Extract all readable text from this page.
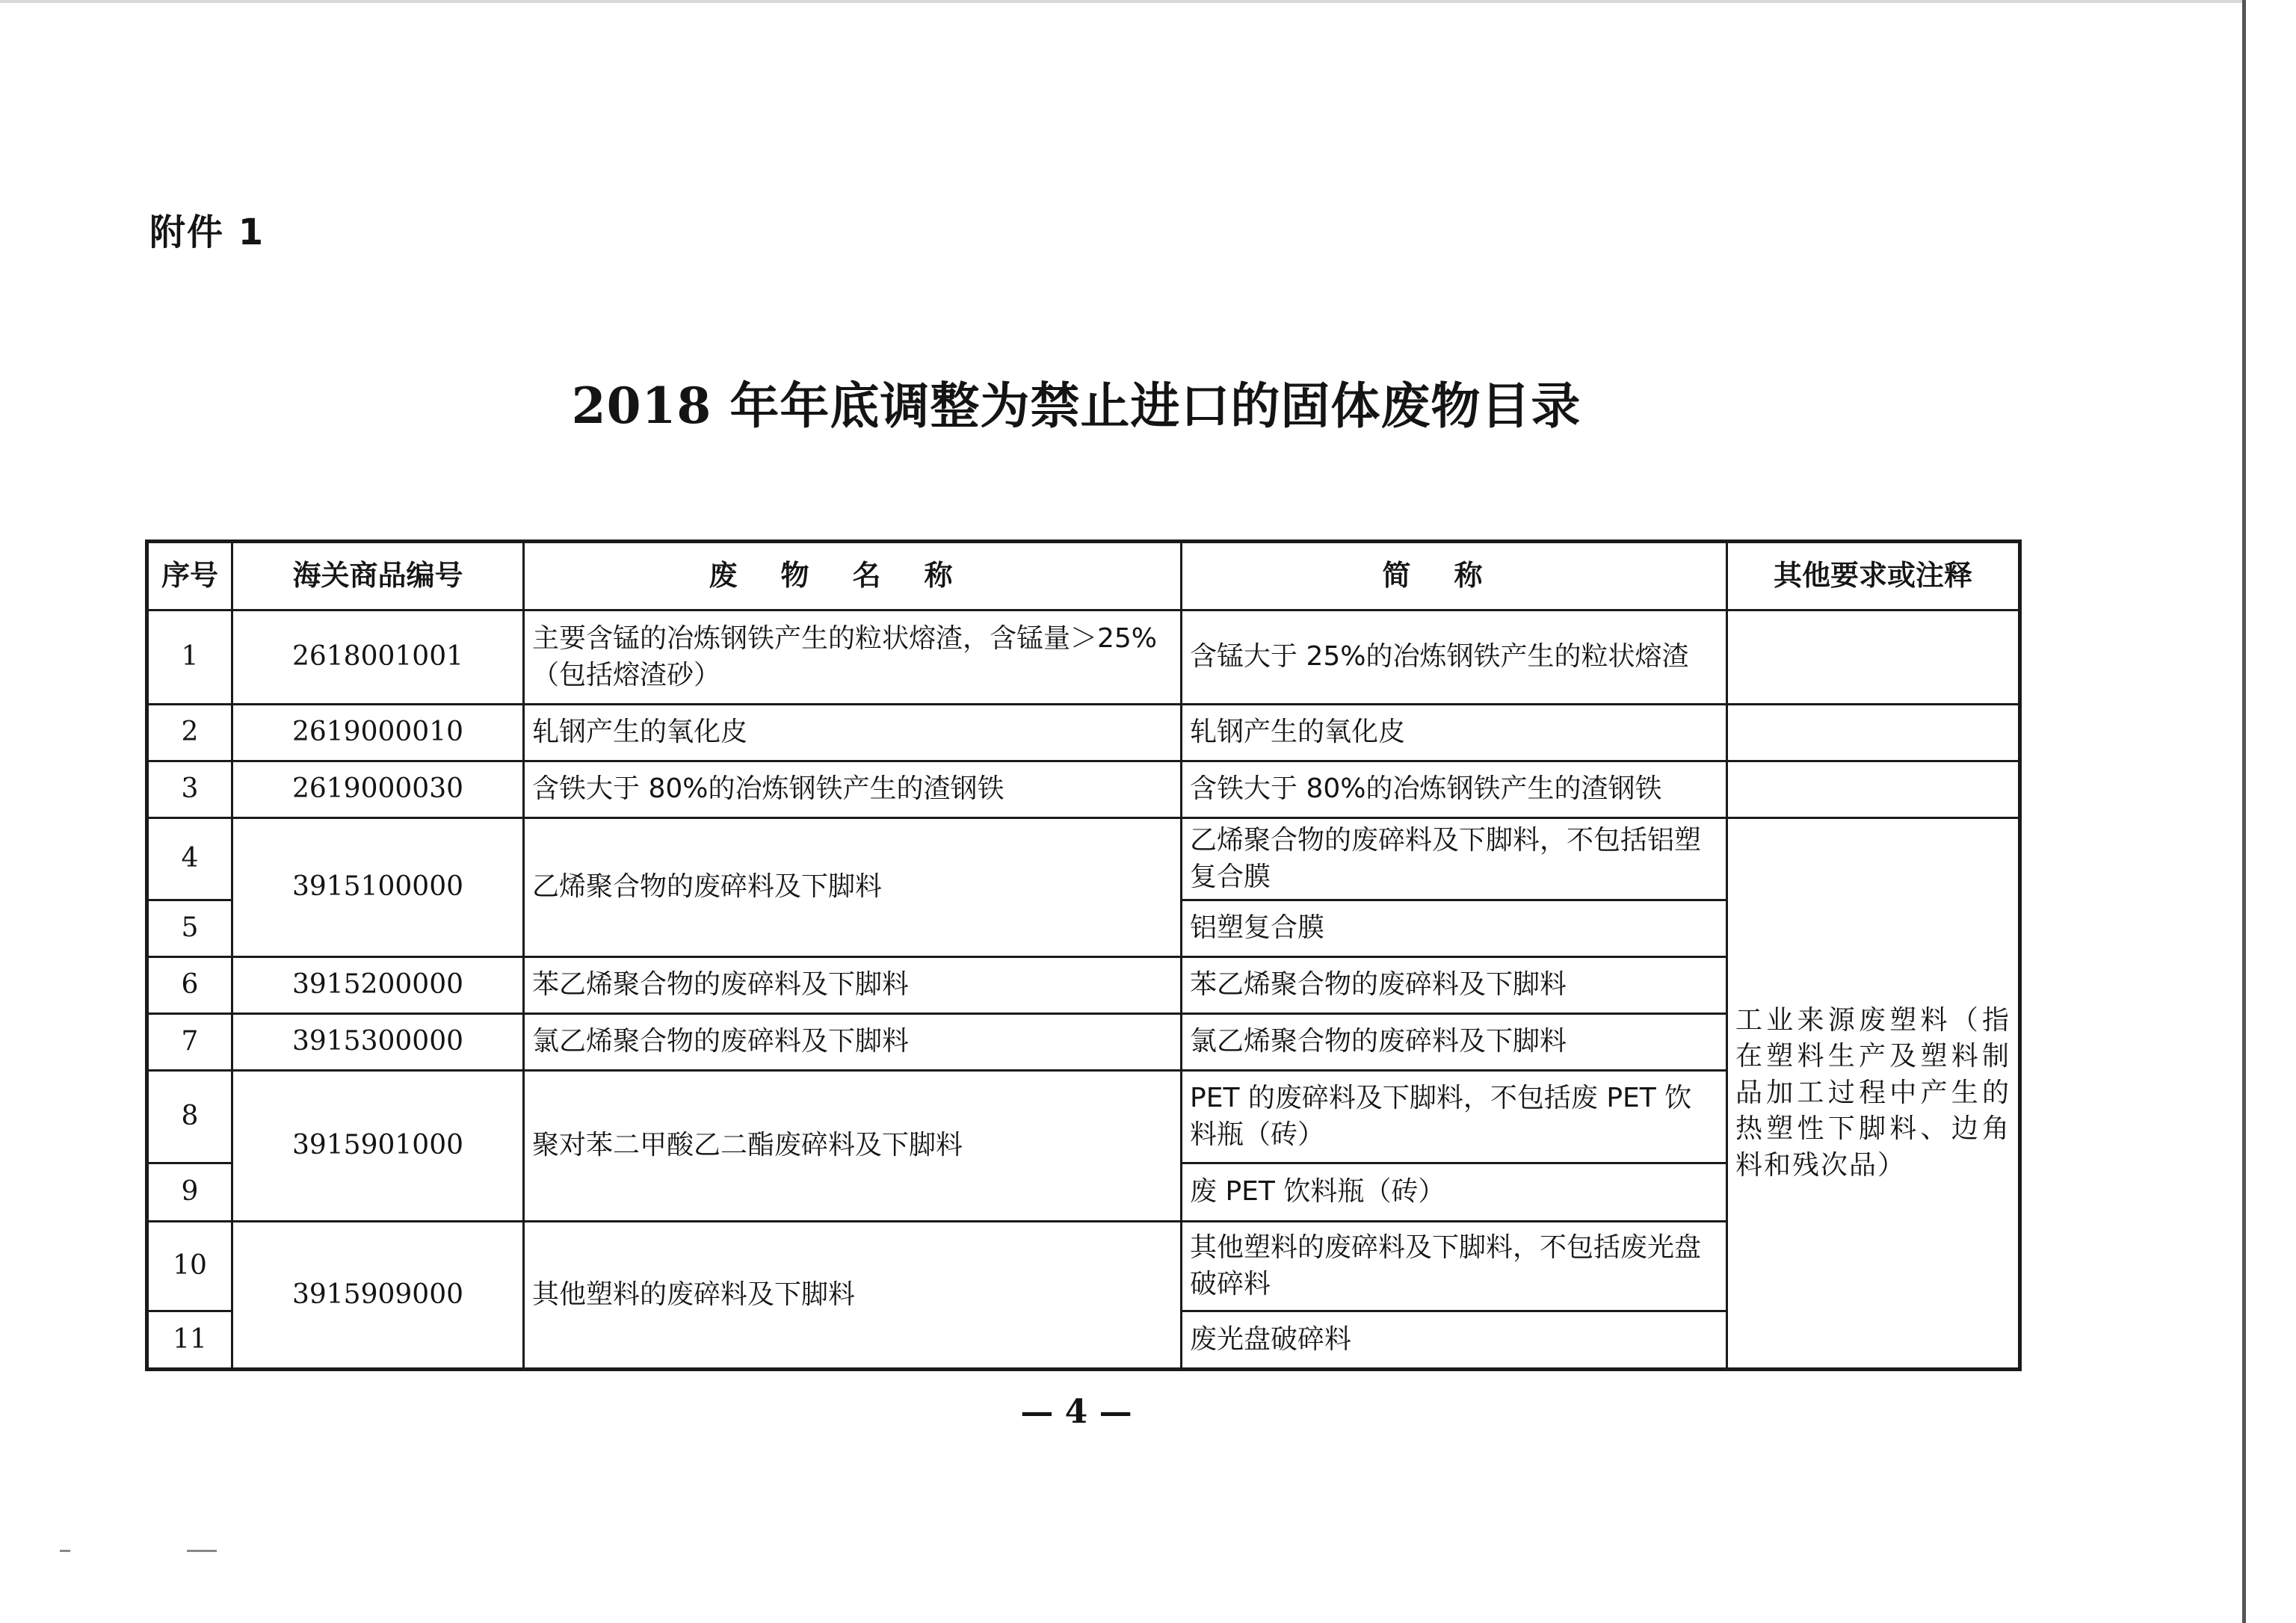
附件 1
2018 年年底调整为禁止进口的固体废物目录
序号	海关商品编号	废物名称	简称	其他要求或注释
1	2618001001	主要含锰的冶炼钢铁产生的粒状熔渣，含锰量＞25%（包括熔渣砂）	含锰大于 25%的冶炼钢铁产生的粒状熔渣	
2	2619000010	轧钢产生的氧化皮	轧钢产生的氧化皮	
3	2619000030	含铁大于 80%的冶炼钢铁产生的渣钢铁	含铁大于 80%的冶炼钢铁产生的渣钢铁	
4	3915100000	乙烯聚合物的废碎料及下脚料	乙烯聚合物的废碎料及下脚料，不包括铝塑复合膜	工业来源废塑料（指在塑料生产及塑料制品加工过程中产生的热塑性下脚料、边角料和残次品）
5			铝塑复合膜	
6	3915200000	苯乙烯聚合物的废碎料及下脚料	苯乙烯聚合物的废碎料及下脚料	
7	3915300000	氯乙烯聚合物的废碎料及下脚料	氯乙烯聚合物的废碎料及下脚料	
8	3915901000	聚对苯二甲酸乙二酯废碎料及下脚料	PET 的废碎料及下脚料，不包括废 PET 饮料瓶（砖）	
9			废 PET 饮料瓶（砖）	
10	3915909000	其他塑料的废碎料及下脚料	其他塑料的废碎料及下脚料，不包括废光盘破碎料	
11			废光盘破碎料	
— 4 —
